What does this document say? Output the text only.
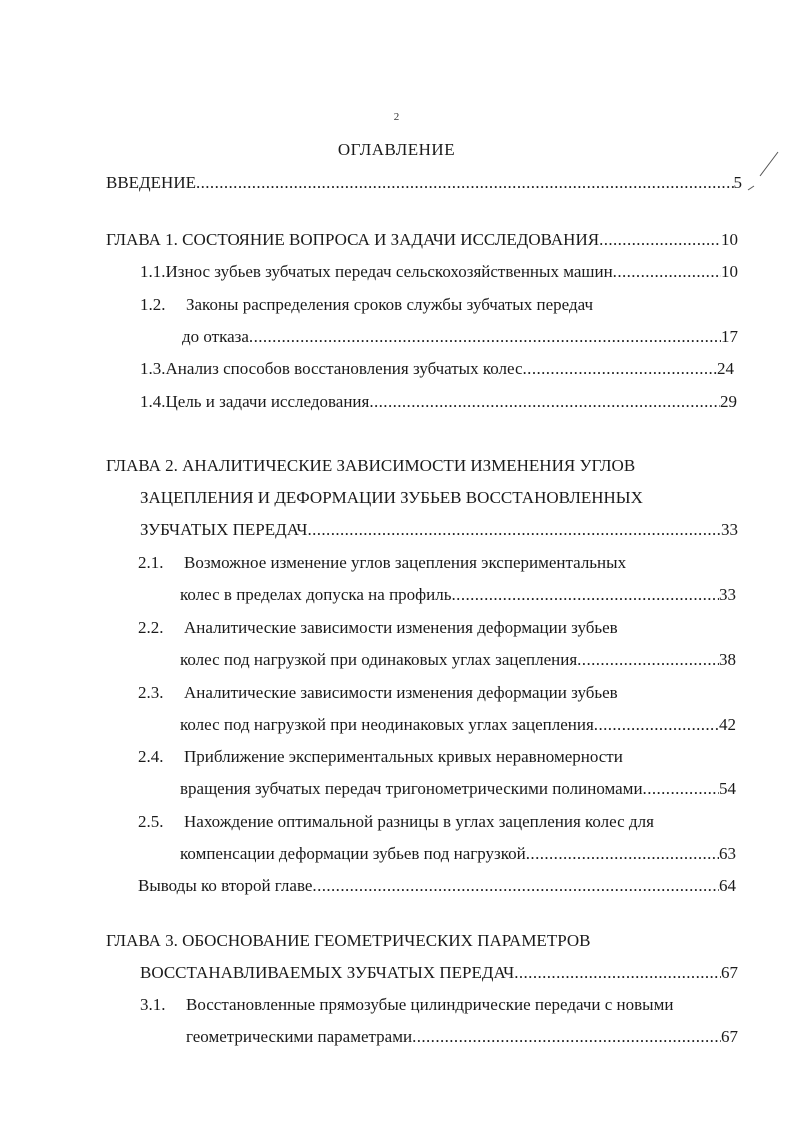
2
ОГЛАВЛЕНИЕ
ВВЕДЕНИЕ .....	5
ГЛАВА 1. СОСТОЯНИЕ ВОПРОСА И ЗАДАЧИ ИССЛЕДОВАНИЯ .....	10
1.1. Износ зубьев зубчатых передач сельскохозяйственных машин .....	10
1.2. Законы распределения сроков службы зубчатых передач
до отказа .....	17
1.3. Анализ способов восстановления зубчатых колес .....	24
1.4. Цель и задачи исследования .....	29
ГЛАВА 2. АНАЛИТИЧЕСКИЕ ЗАВИСИМОСТИ ИЗМЕНЕНИЯ УГЛОВ
ЗАЦЕПЛЕНИЯ И ДЕФОРМАЦИИ ЗУБЬЕВ ВОССТАНОВЛЕННЫХ
ЗУБЧАТЫХ ПЕРЕДАЧ .....	33
2.1. Возможное изменение углов зацепления экспериментальных
колес в пределах допуска на профиль .....	33
2.2. Аналитические зависимости изменения деформации зубьев
колес под нагрузкой при одинаковых углах зацепления .....	38
2.3. Аналитические зависимости изменения деформации зубьев
колес под нагрузкой при неодинаковых углах зацепления .....	42
2.4. Приближение экспериментальных кривых неравномерности
вращения зубчатых передач тригонометрическими полиномами .....	54
2.5. Нахождение оптимальной разницы в углах зацепления колес для
компенсации деформации зубьев под нагрузкой .....	63
Выводы ко второй главе .....	64
ГЛАВА 3. ОБОСНОВАНИЕ ГЕОМЕТРИЧЕСКИХ ПАРАМЕТРОВ
ВОССТАНАВЛИВАЕМЫХ ЗУБЧАТЫХ ПЕРЕДАЧ .....	67
3.1. Восстановленные прямозубые цилиндрические передачи с новыми
геометрическими параметрами .....	67
